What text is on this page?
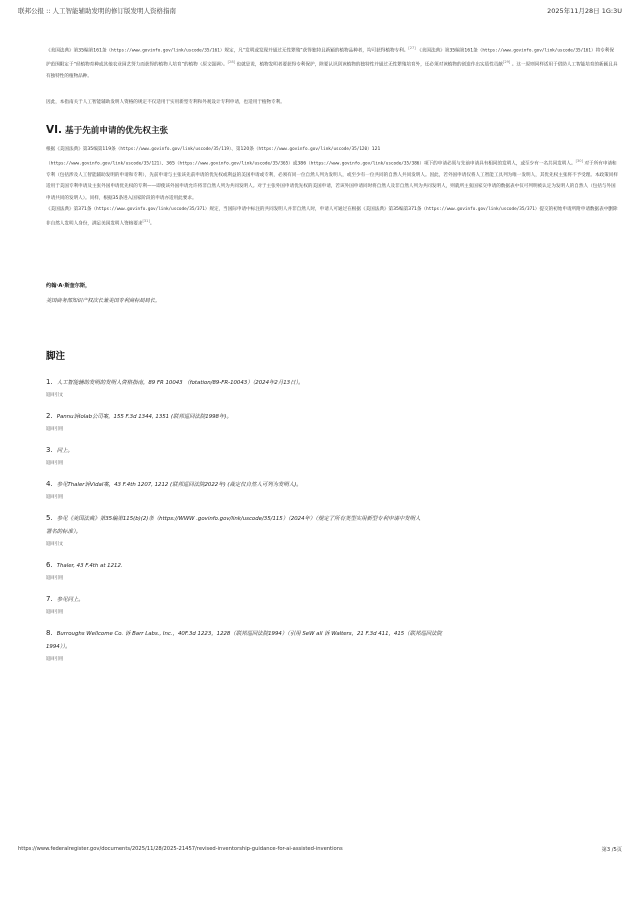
联邦公报 :: 人工智能辅助发明的修订版发明人资格指南	2025年11月28日 1G:3U

《美国法典》第35编第161条（https://www.govinfo.gov/link/uscode/35/161）规定，凡“发明或发现并通过无性繁殖”获得独特且新颖的植物品种者，均可获得植物专利。[27] 《美国法典》第35编第161条（https://www.govinfo.gov/link/uscode/35/161）将专利保护范围限定于“经植物育种或其他农业园艺努力而获得的植物人培育”的植物（原文强调）。[28] 也就是说，植物发明者要获得专利保护，除要认识到该植物的独特性并通过无性繁殖培育外，还必须对该植物的创造作出实质性贡献[29] 。这一原则同样适用于借助人工智能培育的新颖且具有独特性的植物品种。

因此，本指南关于人工智能辅助发明人资格的规定不仅适用于实用新型专利和外观设计专利申请，也适用于植物专利。

VI. 基于先前申请的优先权主张

根据《美国法典》第35编第119条（https://www.govinfo.gov/link/uscode/35/119）、第120条（https://www.govinfo.gov/link/uscode/35/120）121
（https://www.govinfo.gov/link/uscode/35/121）、365（https://www.govinfo.gov/link/uscode/35/365）或386（https://www.govinfo.gov/link/uscode/35/386）项下的申请必须与先前申请具有相同的发明人，或至少有一名共同发明人。[30] 对于所有申请和专利（包括涉及人工智能辅助发明的申请和专利），先前申请与主张该先前申请的优先权或利益的美国申请或专利，必须有同一位自然人列为发明人，或至少有一位共同的自然人共同发明人。因此，若外国申请仅将人工智能工具列为唯一发明人，其优先权主张将不予受理。本政策同样适用于美国专利申请及主张外国申请优先权的专利——即使该外国申请允许将非自然人列为共同发明人。对于主张外国申请优先权的美国申请，若该外国申请同时将自然人及非自然人列为共同发明人，则就所主张国家交申请的数据表中仅可列明被认定为发明人的自然人（包括与外国申请共同的发明人）。同样，根据35条进入国家阶段的申请亦适用此要求。

《美国法典》第371条（https://www.govinfo.gov/link/uscode/35/371）规定，当国际申请中标注的共同发明人并非自然人时，申请人可通过在根据《美国法典》第35编第371条（https://www.govinfo.gov/link/uscode/35/371）提交的初始申请所附申请数据表中删除非自然人发明人身份，满足美国发明人资格要求[31]。

约翰·A·斯奎尔斯，

美国商务部知识产权次长兼美国专利商标局局长。

脚注

1. 人工智能辅助发明的发明人资格指南，89 FR 10043 （fotation/89-FR-10043）（2024年2月13日）。

返回引文

2. Pannu诉Iolab公司案，155 F.3d 1344, 1351 (联邦巡回法院1998年)。

返回引用

3. 同上。

返回引用

4. 参见Thaler诉Vidal案，43 F.4th 1207, 1212 (联邦巡回法院2022年) (裁定仅自然人可列为发明人)。

返回引用

5. 参见《美国法典》第35编第115(b)(2)条（https://WWW .govinfo.gov/link/uscode/35/115）（2024年）（规定了所有类型实用新型专利申请中发明人

署名的标准）。

返回引文

6. Thaler, 43 F.4th at 1212.

返回引用

7. 参见同上。

返回引用

8. Burroughs Wellcome Co. 诉 Barr Labs., Inc.，40F.3d 1223，1228（联邦巡回法院1994）（引用 SeW all 诉 Walters，21 F.3d 411，415（联邦巡回法院

1994））。

返回引用

https://www.federalregister.gov/documents/2025/11/28/2025-21457/revised-inventorship-guidance-for-ai-assisted-inventions	第3 /5页
